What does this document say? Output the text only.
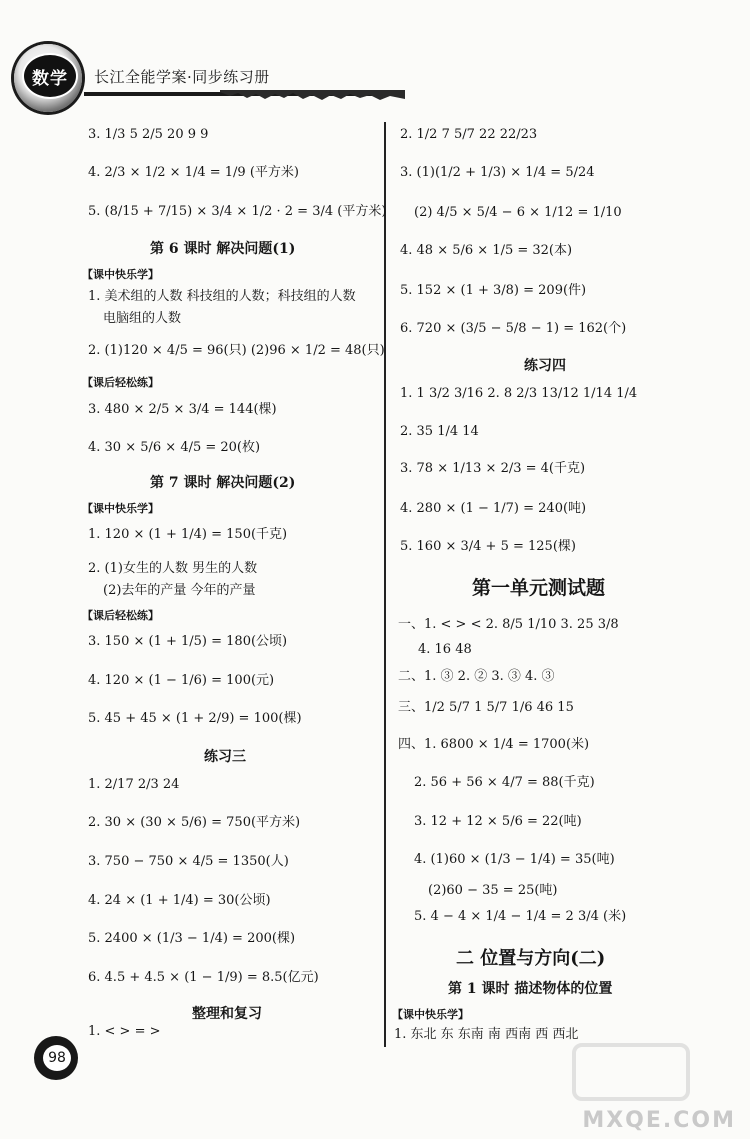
数学 长江全能学案·同步练习册
3. 1/3 5 2/5 20 9 9
4. 2/3 × 1/2 × 1/4 = 1/9 (平方米)
5. (8/15 + 7/15) × 3/4 × 1/2 · 2 = 3/4 (平方米)
第 6 课时 解决问题(1)
【课中快乐学】
1. 美术组的人数 科技组的人数；科技组的人数
电脑组的人数
2. (1)120 × 4/5 = 96(只) (2)96 × 1/2 = 48(只)
【课后轻松练】
3. 480 × 2/5 × 3/4 = 144(棵)
4. 30 × 5/6 × 4/5 = 20(枚)
第 7 课时 解决问题(2)
【课中快乐学】
1. 120 × (1 + 1/4) = 150(千克)
2. (1)女生的人数 男生的人数
(2)去年的产量 今年的产量
【课后轻松练】
3. 150 × (1 + 1/5) = 180(公顷)
4. 120 × (1 − 1/6) = 100(元)
5. 45 + 45 × (1 + 2/9) = 100(棵)
练习三
1. 2/17 2/3 24
2. 30 × (30 × 5/6) = 750(平方米)
3. 750 − 750 × 4/5 = 1350(人)
4. 24 × (1 + 1/4) = 30(公顷)
5. 2400 × (1/3 − 1/4) = 200(棵)
6. 4.5 + 4.5 × (1 − 1/9) = 8.5(亿元)
整理和复习
1. < > = >
2. 1/2 7 5/7 22 22/23
3. (1)(1/2 + 1/3) × 1/4 = 5/24
(2) 4/5 × 5/4 − 6 × 1/12 = 1/10
4. 48 × 5/6 × 1/5 = 32(本)
5. 152 × (1 + 3/8) = 209(件)
6. 720 × (3/5 − 5/8 − 1) = 162(个)
练习四
1. 1 3/2 3/16 2. 8 2/3 13/12 1/14 1/4
2. 35 1/4 14
3. 78 × 1/13 × 2/3 = 4(千克)
4. 280 × (1 − 1/7) = 240(吨)
5. 160 × 3/4 + 5 = 125(棵)
第一单元测试题
一、1. < > < 2. 8/5 1/10 3. 25 3/8
4. 16 48
二、1. ③ 2. ② 3. ③ 4. ③
三、1/2 5/7 1 5/7 1/6 46 15
四、1. 6800 × 1/4 = 1700(米)
2. 56 + 56 × 4/7 = 88(千克)
3. 12 + 12 × 5/6 = 22(吨)
4. (1)60 × (1/3 − 1/4) = 35(吨)
(2)60 − 35 = 25(吨)
5. 4 − 4 × 1/4 − 1/4 = 2 3/4 (米)
二 位置与方向(二)
第 1 课时 描述物体的位置
【课中快乐学】
1. 东北 东 东南 南 西南 西 西北
98
MXQE.COM
